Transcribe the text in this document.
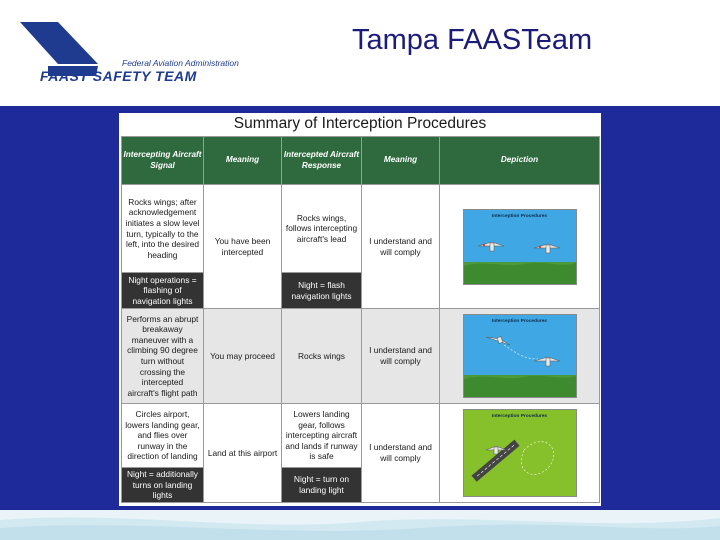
Federal Aviation Administration
FAAST SAFETY TEAM
Tampa FAASTeam
Summary of Interception Procedures
Intercepting Aircraft Signal	Meaning	Intercepted Aircraft Response	Meaning	Depiction

Rocks wings; after acknowledgement initiates a slow level turn, typically to the left, into the desired heading	You have been intercepted	Rocks wings, follows intercepting aircraft's lead	I understand and will comply	Interception Procedures

Night operations = flashing of navigation lights		Night = flash navigation lights		

Performs an abrupt breakaway maneuver with a climbing 90 degree turn without crossing the intercepted aircraft's flight path	You may proceed	Rocks wings	I understand and will comply	Interception Procedures

Circles airport, lowers landing gear, and flies over runway in the direction of landing	Land at this airport	Lowers landing gear, follows intercepting aircraft and lands if runway is safe	I understand and will comply	Interception Procedures

Night = additionally turns on landing lights		Night = turn on landing light		
